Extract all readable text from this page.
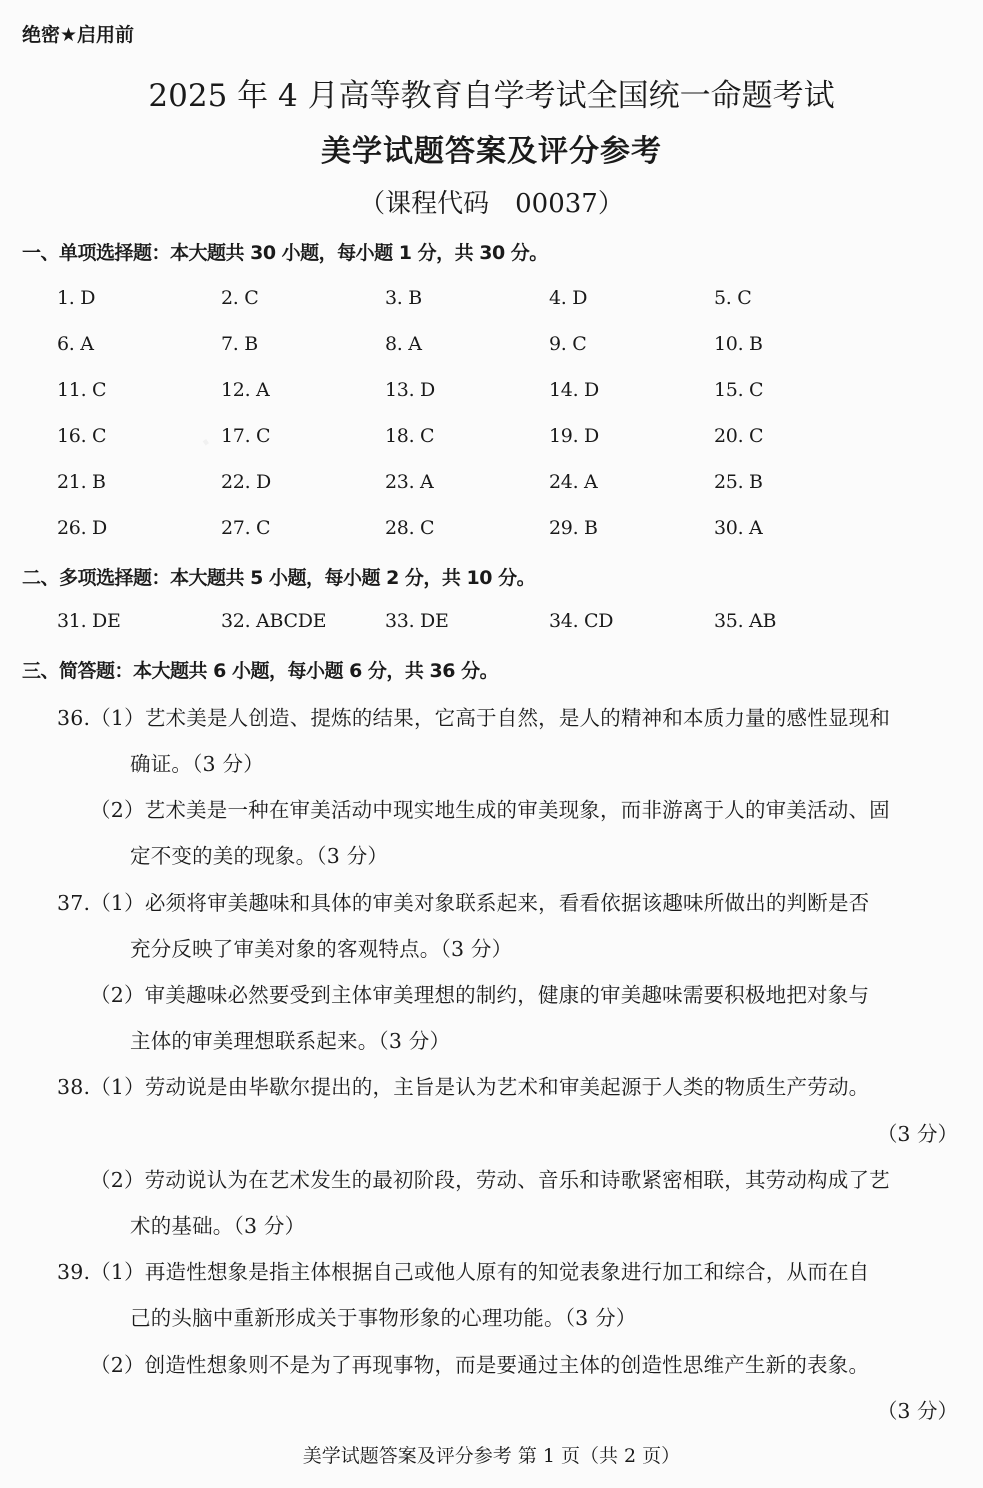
·
绝密★启用前
2025 年 4 月高等教育自学考试全国统一命题考试
美学试题答案及评分参考
（课程代码 00037）
一、单项选择题：本大题共 30 小题，每小题 1 分，共 30 分。
1. D	2. C	3. B	4. D	5. C
6. A	7. B	8. A	9. C	10. B
11. C	12. A	13. D	14. D	15. C
16. C	17. C	18. C	19. D	20. C
21. B	22. D	23. A	24. A	25. B
26. D	27. C	28. C	29. B	30. A
二、多项选择题：本大题共 5 小题，每小题 2 分，共 10 分。
31. DE	32. ABCDE	33. DE	34. CD	35. AB
三、简答题：本大题共 6 小题，每小题 6 分，共 36 分。
36.（1）艺术美是人创造、提炼的结果，它高于自然，是人的精神和本质力量的感性显现和
确证。（3 分）
（2）艺术美是一种在审美活动中现实地生成的审美现象，而非游离于人的审美活动、固
定不变的美的现象。（3 分）
37.（1）必须将审美趣味和具体的审美对象联系起来，看看依据该趣味所做出的判断是否
充分反映了审美对象的客观特点。（3 分）
（2）审美趣味必然要受到主体审美理想的制约，健康的审美趣味需要积极地把对象与
主体的审美理想联系起来。（3 分）
38.（1）劳动说是由毕歇尔提出的，主旨是认为艺术和审美起源于人类的物质生产劳动。
（3 分）
（2）劳动说认为在艺术发生的最初阶段，劳动、音乐和诗歌紧密相联，其劳动构成了艺
术的基础。（3 分）
39.（1）再造性想象是指主体根据自己或他人原有的知觉表象进行加工和综合，从而在自
己的头脑中重新形成关于事物形象的心理功能。（3 分）
（2）创造性想象则不是为了再现事物，而是要通过主体的创造性思维产生新的表象。
（3 分）
美学试题答案及评分参考 第 1 页（共 2 页）
